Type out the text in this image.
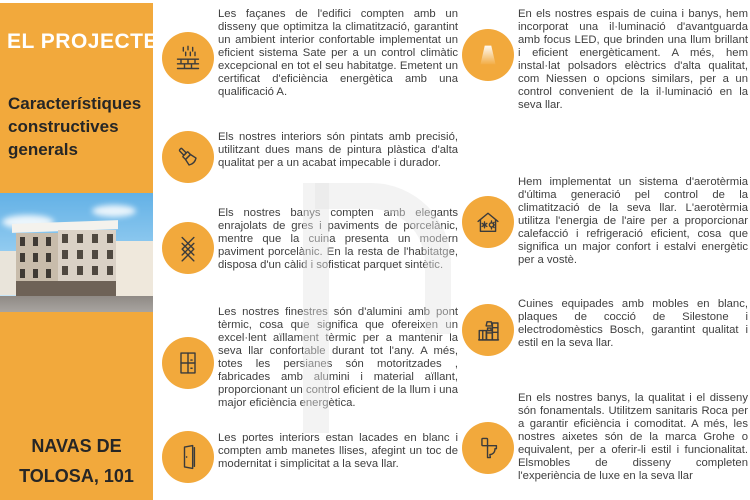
EL PROJECTE
Característiques constructives generals
NAVAS DE TOLOSA, 101
Les façanes de l'edifici compten amb un disseny que optimitza la climatització, garantint un ambient interior confortable implementat un eficient sistema Sate per a un control climàtic excepcional en tot el seu habitatge. Emetent un certificat d'eficiència energètica amb una qualificació A.
Els nostres interiors són pintats amb precisió, utilitzant dues mans de pintura plàstica d'alta qualitat per a un acabat impecable i durador.
Els nostres banys compten amb elegants enrajolats de gres i paviments de porcelànic, mentre que la cuina presenta un modern paviment porcelànic. En la resta de l'habitatge, disposa d'un càlid i sofisticat parquet sintètic.
Les nostres finestres són d'alumini amb pont tèrmic, cosa que significa que ofereixen un excel·lent aïllament tèrmic per a mantenir la seva llar confortable durant tot l'any. A més, totes les persianes són motoritzades , fabricades amb alumini i material aïllant, proporcionant un control eficient de la llum i una major eficiència energètica.
Les portes interiors estan lacades en blanc i compten amb manetes llises, afegint un toc de modernitat i simplicitat a la seva llar.
En els nostres espais de cuina i banys, hem incorporat una il·luminació d'avantguarda amb focus LED, que brinden una llum brillant i eficient energèticament. A més, hem instal·lat polsadors elèctrics d'alta qualitat, com Niessen o opcions similars, per a un control convenient de la il·luminació en la seva llar.
Hem implementat un sistema d'aerotèrmia d'última generació pel control de la climatització de la seva llar. L'aerotèrmia utilitza l'energia de l'aire per a proporcionar calefacció i refrigeració eficient, cosa que significa un major confort i estalvi energètic per a vostè.
Cuines equipades amb mobles en blanc, plaques de cocció de Silestone i electrodomèstics Bosch, garantint qualitat i estil en la seva llar.
En els nostres banys, la qualitat i el disseny són fonamentals. Utilitzem sanitaris Roca per a garantir eficiència i comoditat. A més, les nostres aixetes són de la marca Grohe o equivalent, per a oferir-li estil i funcionalitat. Elsmobles de disseny completen l'experiència de luxe en la seva llar
